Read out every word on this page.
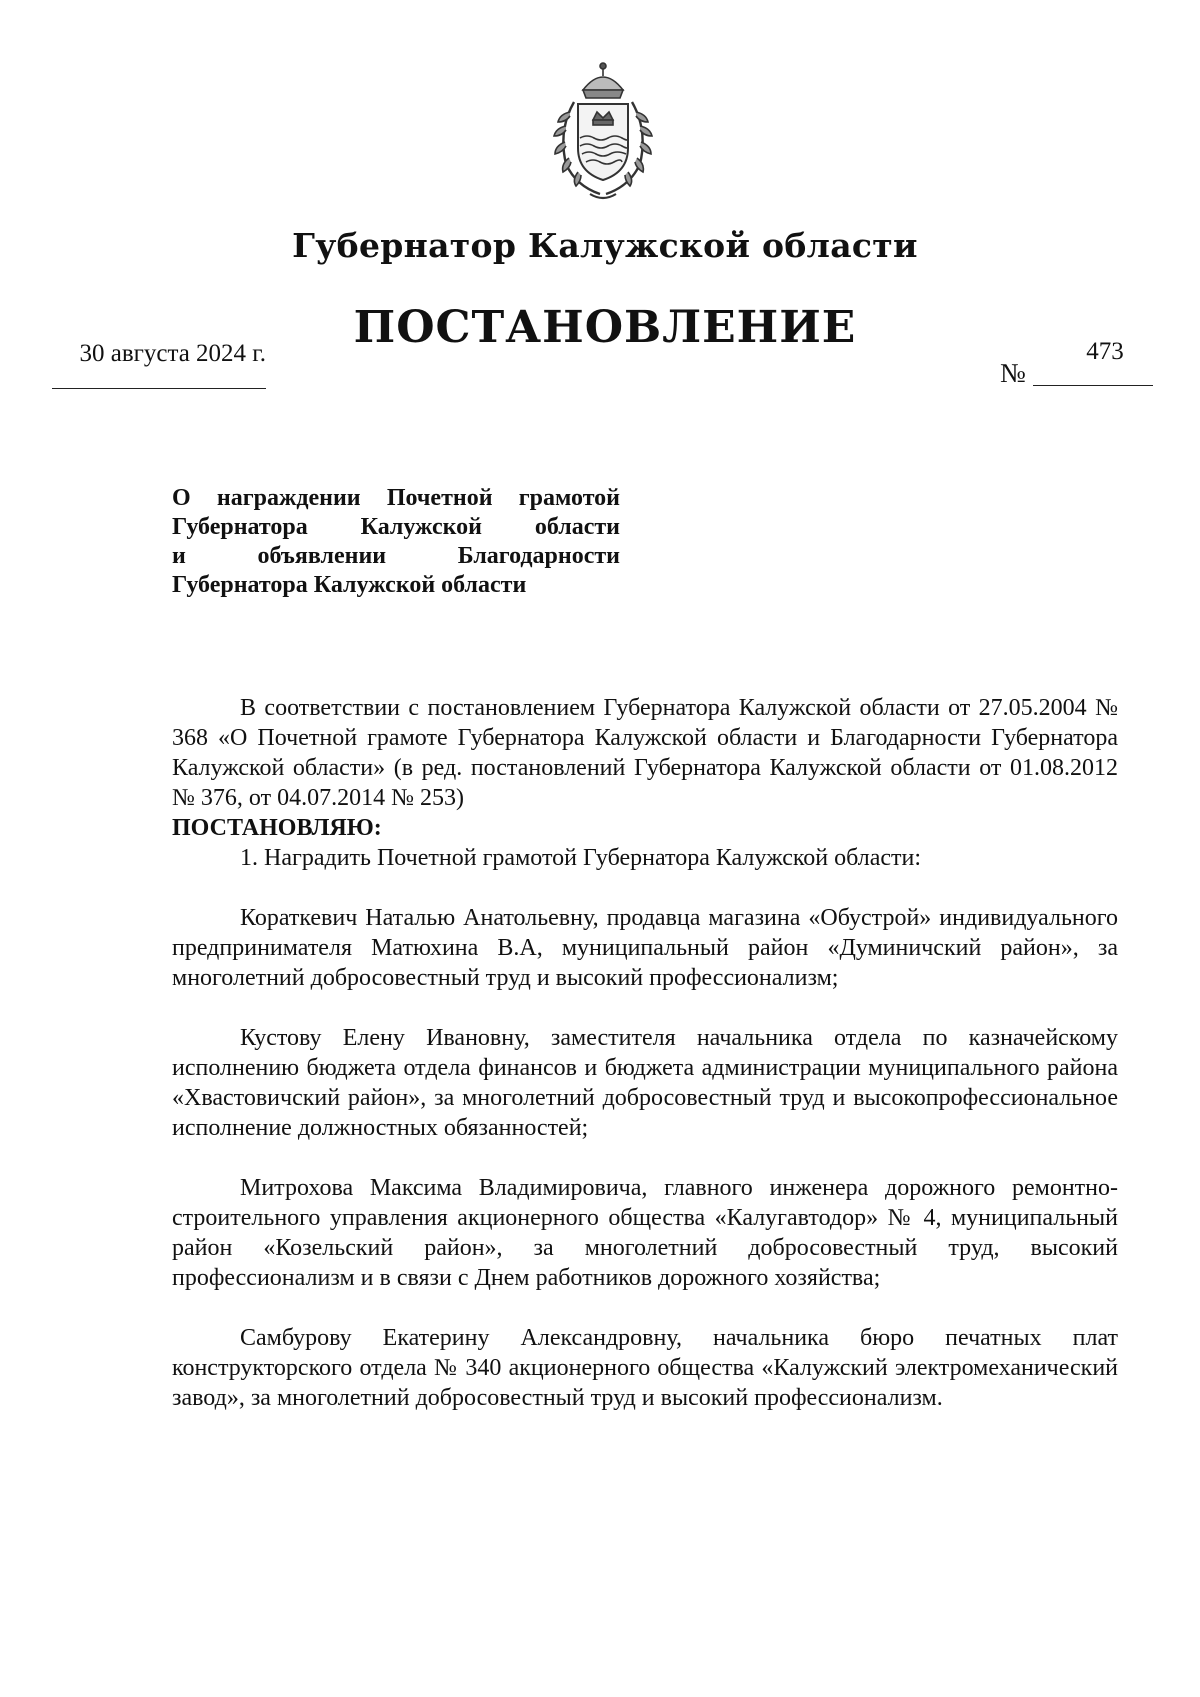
Губернатор Калужской области
ПОСТАНОВЛЕНИЕ
30 августа 2024 г.
№
473
О награждении Почетной грамотой
Губернатора Калужской области
и объявлении Благодарности
Губернатора Калужской области

В соответствии с постановлением Губернатора Калужской области от 27.05.2004 № 368 «О Почетной грамоте Губернатора Калужской области и Благодарности Губернатора Калужской области» (в ред. постановлений Губернатора Калужской области от 01.08.2012 № 376, от 04.07.2014 № 253)

ПОСТАНОВЛЯЮ:

1. Наградить Почетной грамотой Губернатора Калужской области:

Кораткевич Наталью Анатольевну, продавца магазина «Обустрой» индивидуального предпринимателя Матюхина В.А, муниципальный район «Думиничский район», за многолетний добросовестный труд и высокий профессионализм;

Кустову Елену Ивановну, заместителя начальника отдела по казначейскому исполнению бюджета отдела финансов и бюджета администрации муниципального района «Хвастовичский район», за многолетний добросовестный труд и высокопрофессиональное исполнение должностных обязанностей;

Митрохова Максима Владимировича, главного инженера дорожного ремонтно-строительного управления акционерного общества «Калугавтодор» № 4, муниципальный район «Козельский район», за многолетний добросовестный труд, высокий профессионализм и в связи с Днем работников дорожного хозяйства;

Самбурову Екатерину Александровну, начальника бюро печатных плат конструкторского отдела № 340 акционерного общества «Калужский электромеханический завод», за многолетний добросовестный труд и высокий профессионализм.
